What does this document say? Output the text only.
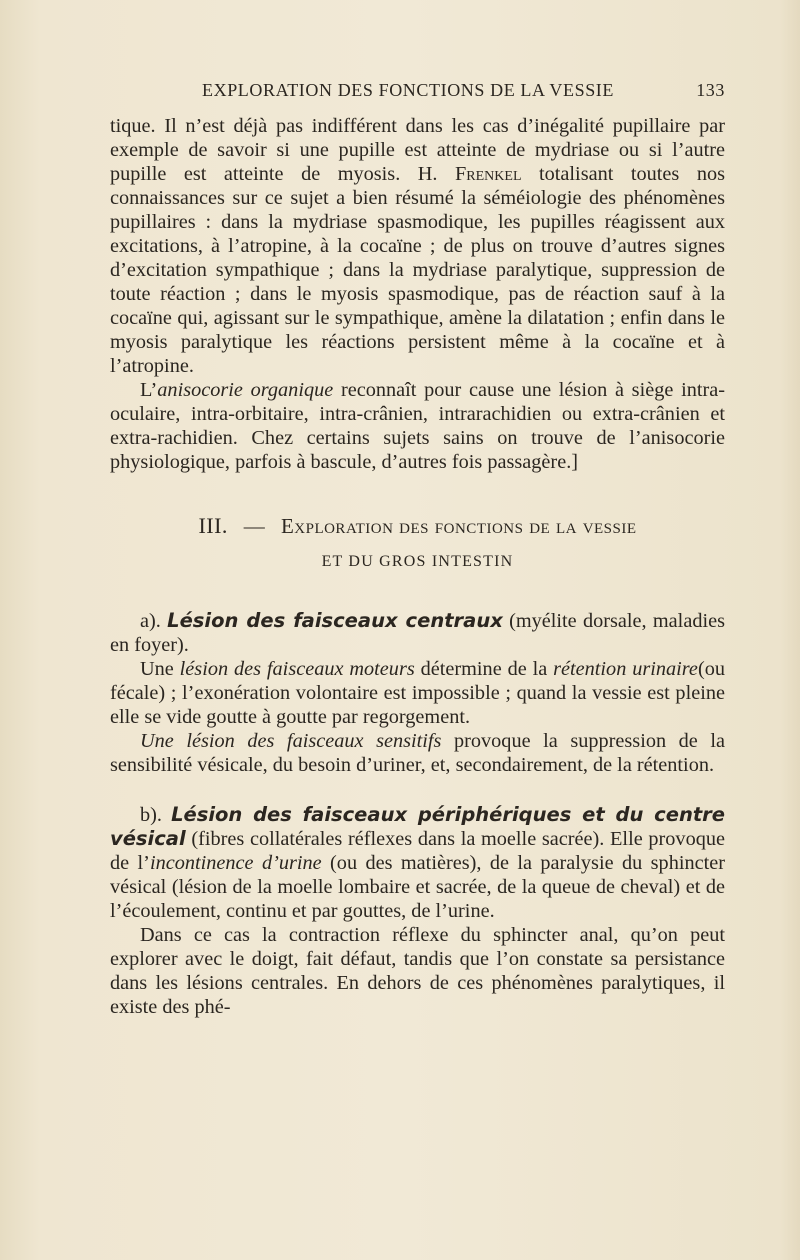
EXPLORATION DES FONCTIONS DE LA VESSIE	133

tique. Il n’est déjà pas indifférent dans les cas d’inégalité pupillaire par exemple de savoir si une pupille est atteinte de mydriase ou si l’autre pupille est atteinte de myosis. H. Frenkel totalisant toutes nos connaissances sur ce sujet a bien résumé la séméiologie des phénomènes pupillaires : dans la mydriase spasmodique, les pupilles réagissent aux excitations, à l’atropine, à la cocaïne ; de plus on trouve d’autres signes d’excitation sympathique ; dans la mydriase paralytique, suppression de toute réaction ; dans le myosis spasmodique, pas de réaction sauf à la cocaïne qui, agissant sur le sympathique, amène la dilatation ; enfin dans le myosis paralytique les réactions persistent même à la cocaïne et à l’atropine.

L’anisocorie organique reconnaît pour cause une lésion à siège intra-oculaire, intra-orbitaire, intra-crânien, intrarachidien ou extra-crânien et extra-rachidien. Chez certains sujets sains on trouve de l’anisocorie physiologique, parfois à bascule, d’autres fois passagère.]

III. — Exploration des fonctions de la vessie
ET DU GROS INTESTIN

a). Lésion des faisceaux centraux (myélite dorsale, maladies en foyer).

Une lésion des faisceaux moteurs détermine de la rétention urinaire(ou fécale) ; l’exonération volontaire est impossible ; quand la vessie est pleine elle se vide goutte à goutte par regorgement.

Une lésion des faisceaux sensitifs provoque la suppression de la sensibilité vésicale, du besoin d’uriner, et, secondairement, de la rétention.

b). Lésion des faisceaux périphériques et du centre vésical (fibres collatérales réflexes dans la moelle sacrée). Elle provoque de l’incontinence d’urine (ou des matières), de la paralysie du sphincter vésical (lésion de la moelle lombaire et sacrée, de la queue de cheval) et de l’écoulement, continu et par gouttes, de l’urine.

Dans ce cas la contraction réflexe du sphincter anal, qu’on peut explorer avec le doigt, fait défaut, tandis que l’on constate sa persistance dans les lésions centrales. En dehors de ces phénomènes paralytiques, il existe des phé-
